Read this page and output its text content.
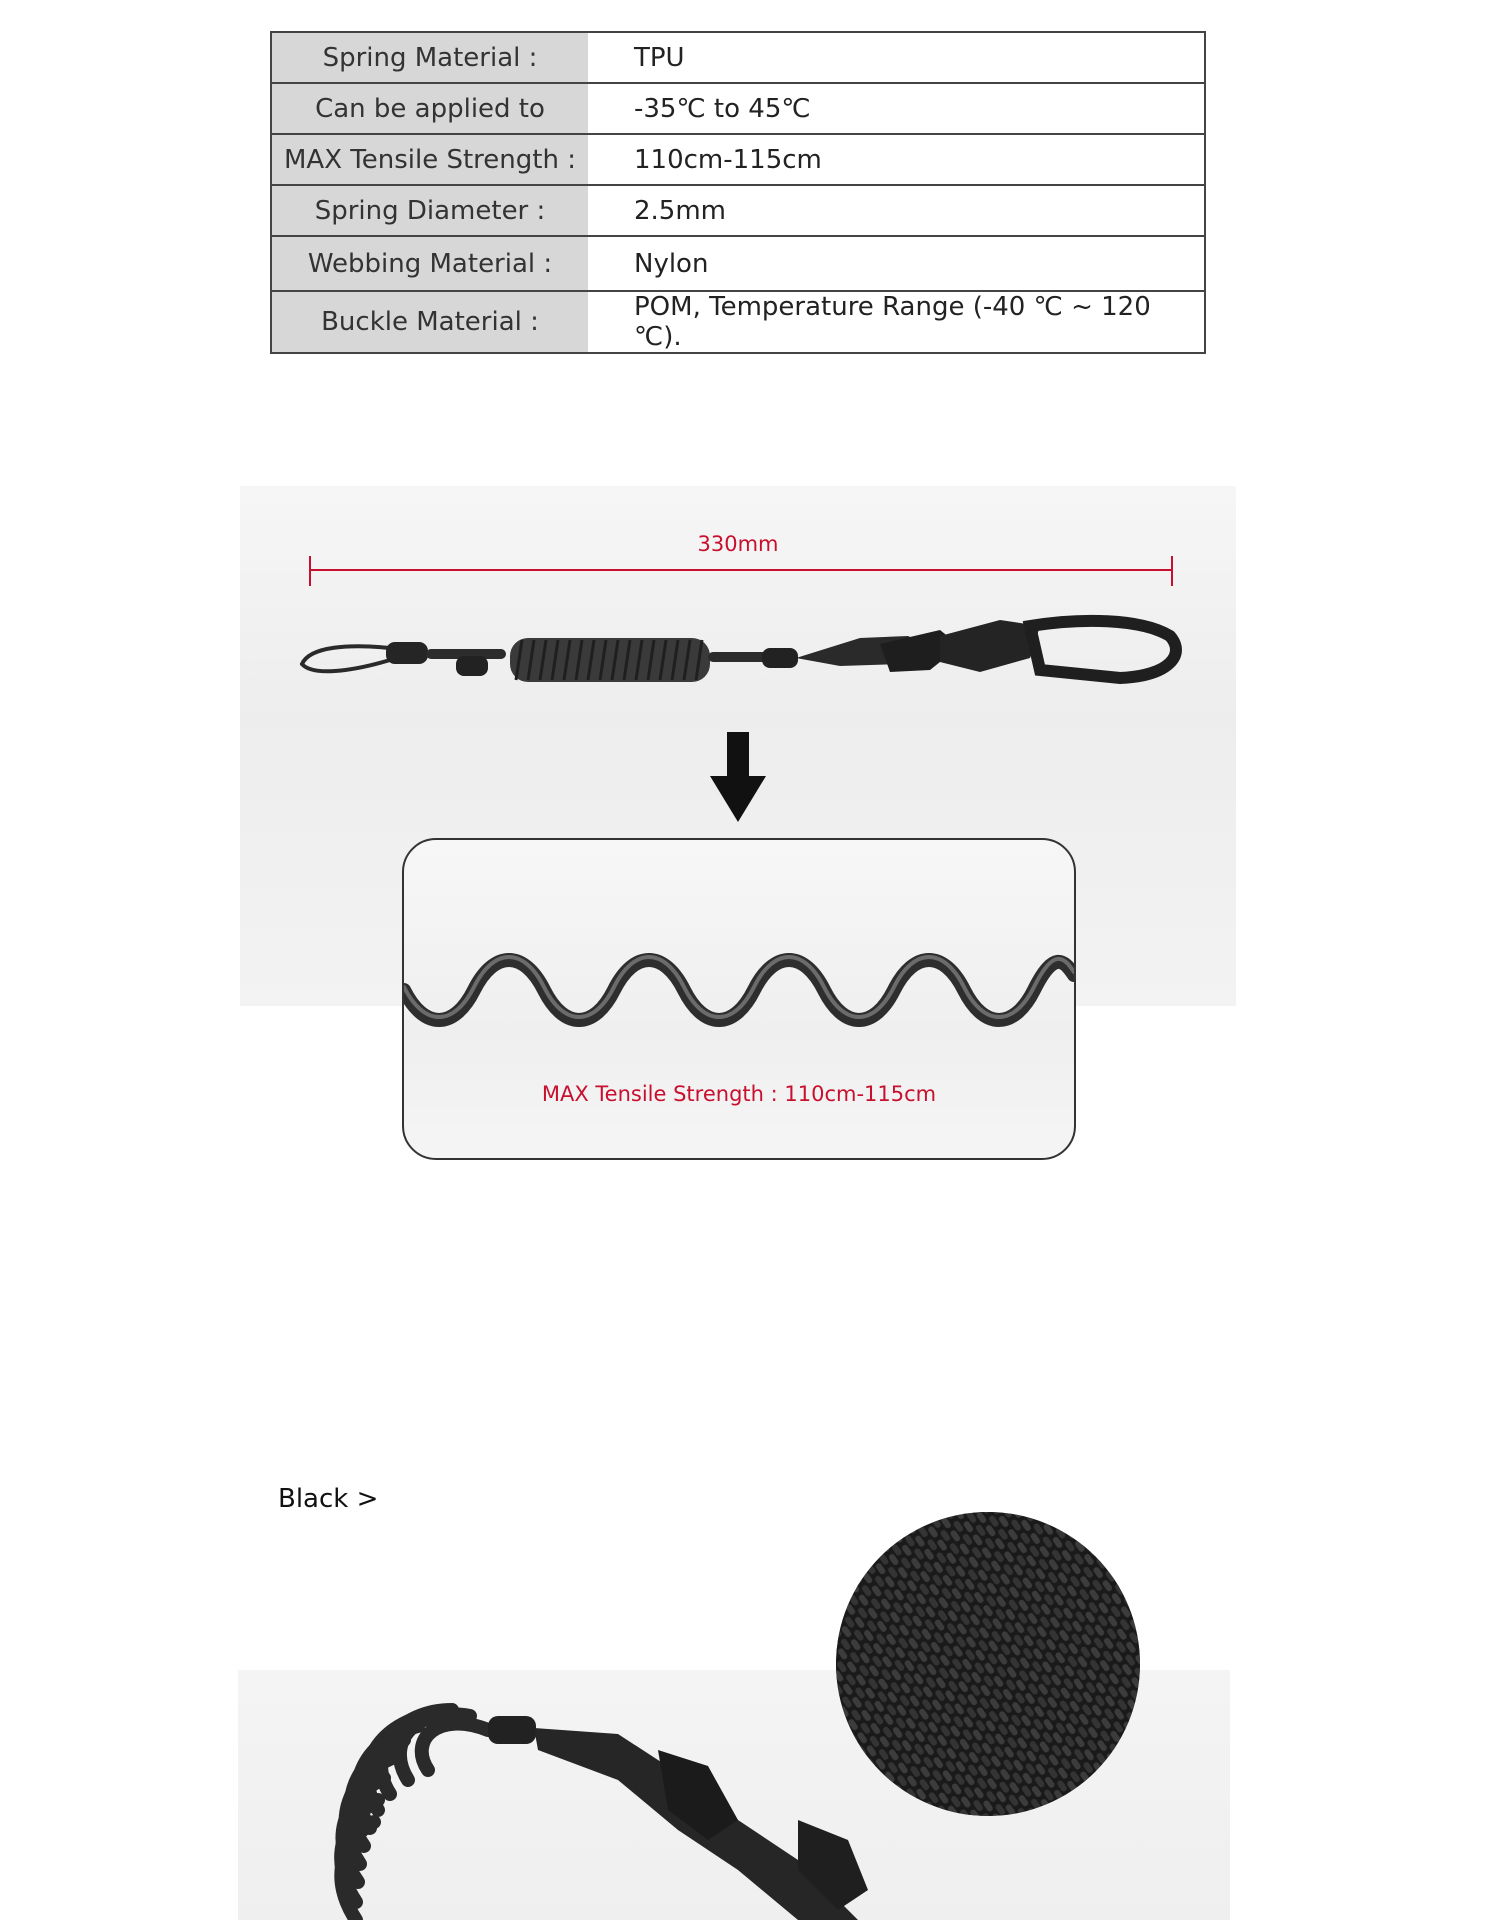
Spring Material :	TPU
Can be applied to	-35℃ to 45℃
MAX Tensile Strength :	110cm-115cm
Spring Diameter :	2.5mm
Webbing Material :	Nylon
Buckle Material :	POM, Temperature Range (-40 ℃ ~ 120 ℃).
330mm
MAX Tensile Strength : 110cm-115cm
Black >
